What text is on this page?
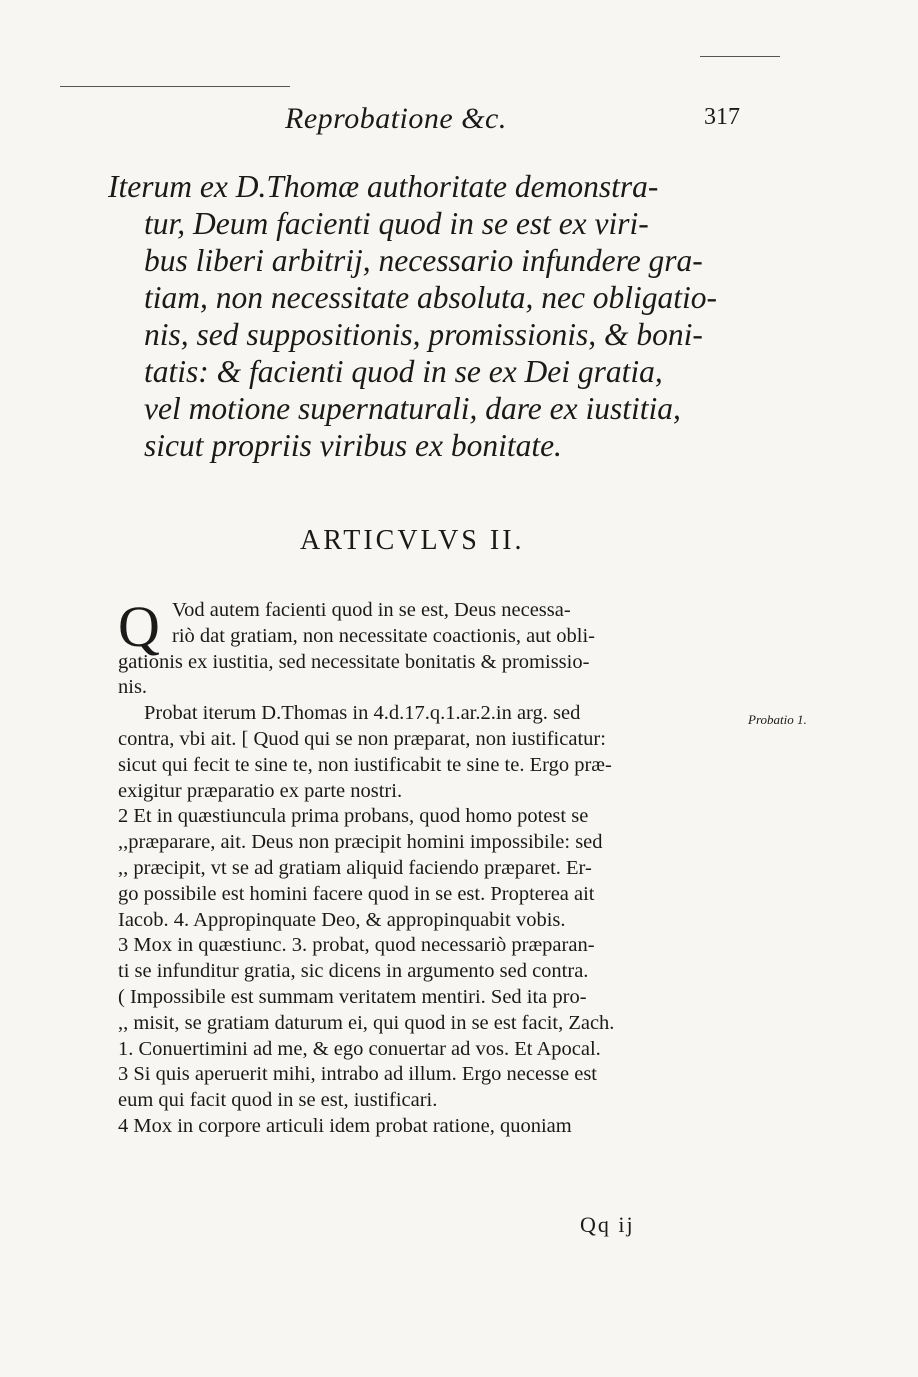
Reprobatione &c.	317
Iterum ex D.Thomæ authoritate demonstra-
tur, Deum facienti quod in se est ex viri-
bus liberi arbitrij, necessario infundere gra-
tiam, non necessitate absoluta, nec obligatio-
nis, sed suppositionis, promissionis, & boni-
tatis: & facienti quod in se ex Dei gratia,
vel motione supernaturali, dare ex iustitia,
sicut propriis viribus ex bonitate.
ARTICVLVS II.
Q Vod autem facienti quod in se est, Deus necessa-
riò dat gratiam, non necessitate coactionis, aut obli-
gationis ex iustitia, sed necessitate bonitatis & promissio-
nis.
Probat iterum D.Thomas in 4.d.17.q.1.ar.2.in arg. sed
contra, vbi ait. [ Quod qui se non præparat, non iustificatur:
sicut qui fecit te sine te, non iustificabit te sine te. Ergo præ-
exigitur præparatio ex parte nostri.
2 Et in quæstiuncula prima probans, quod homo potest se
,,præparare, ait. Deus non præcipit homini impossibile: sed
,, præcipit, vt se ad gratiam aliquid faciendo præparet. Er-
go possibile est homini facere quod in se est. Propterea ait
Iacob. 4. Appropinquate Deo, & appropinquabit vobis.
3 Mox in quæstiunc. 3. probat, quod necessariò præparan-
ti se infunditur gratia, sic dicens in argumento sed contra.
( Impossibile est summam veritatem mentiri. Sed ita pro-
,, misit, se gratiam daturum ei, qui quod in se est facit, Zach.
1. Conuertimini ad me, & ego conuertar ad vos. Et Apocal.
3 Si quis aperuerit mihi, intrabo ad illum. Ergo necesse est
eum qui facit quod in se est, iustificari.
4 Mox in corpore articuli idem probat ratione, quoniam
Probatio 1.
Qq ij
